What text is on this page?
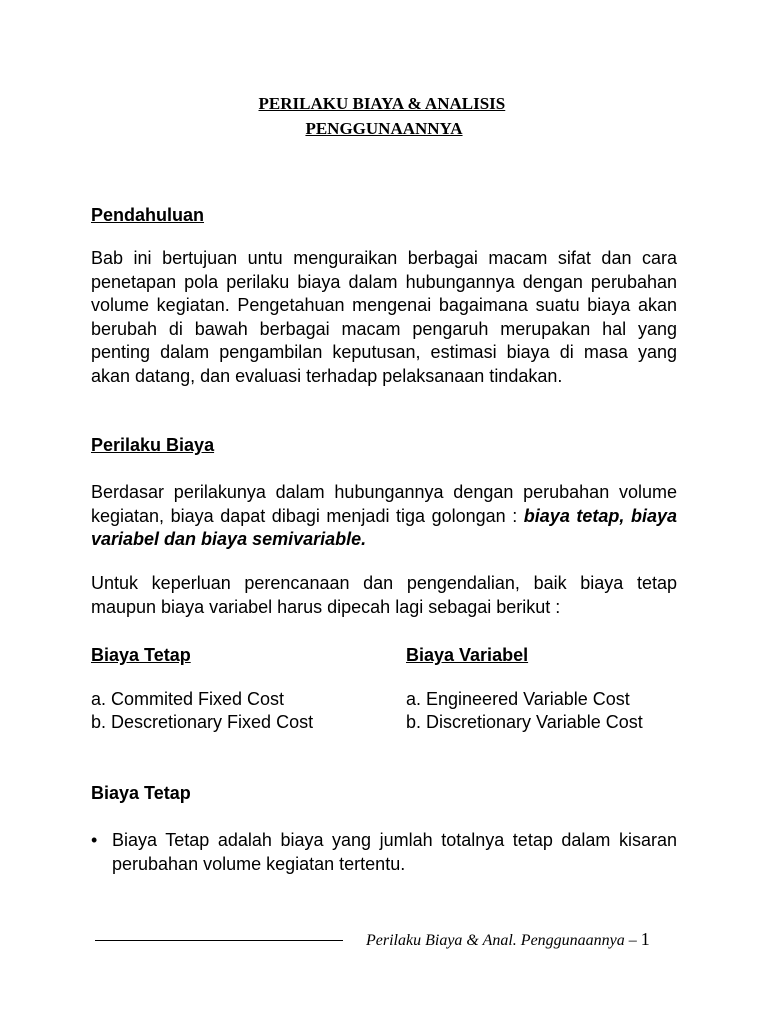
PERILAKU BIAYA & ANALISIS
PENGGUNAANNYA
Pendahuluan
Bab ini bertujuan untu menguraikan berbagai macam sifat dan cara penetapan pola perilaku biaya dalam hubungannya dengan perubahan volume kegiatan. Pengetahuan mengenai bagaimana suatu biaya akan berubah di bawah berbagai macam pengaruh merupakan hal yang penting dalam pengambilan keputusan, estimasi biaya di masa yang akan datang, dan evaluasi terhadap pelaksanaan tindakan.
Perilaku Biaya
Berdasar perilakunya dalam hubungannya dengan perubahan volume kegiatan, biaya dapat dibagi menjadi tiga golongan : biaya tetap, biaya variabel dan biaya semivariable.
Untuk keperluan perencanaan dan pengendalian, baik biaya tetap maupun biaya variabel harus dipecah lagi sebagai berikut :
Biaya Tetap	Biaya Variabel
a. Commited Fixed Cost
b. Descretionary Fixed Cost
a. Engineered Variable Cost
b. Discretionary Variable Cost
Biaya Tetap
• Biaya Tetap adalah biaya yang jumlah totalnya tetap dalam kisaran perubahan volume kegiatan tertentu.
Perilaku Biaya & Anal. Penggunaannya – 1
